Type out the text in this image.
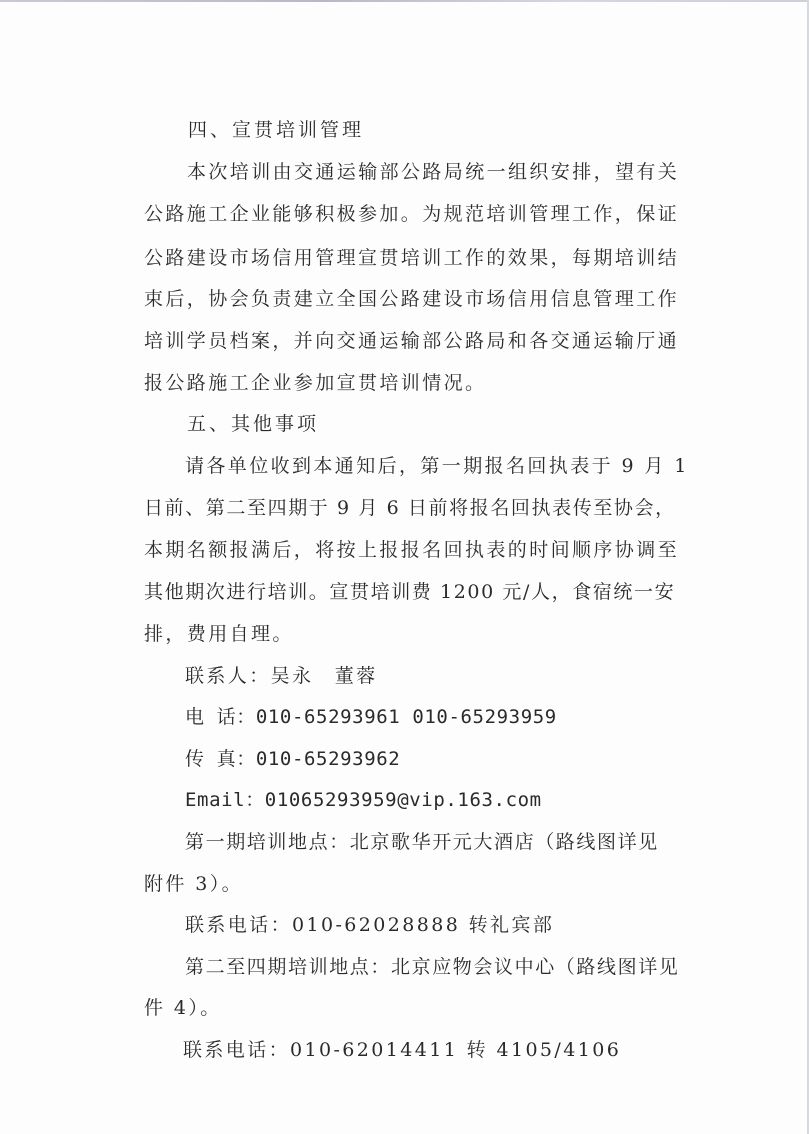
四、宣贯培训管理
本次培训由交通运输部公路局统一组织安排，望有关
公路施工企业能够积极参加。为规范培训管理工作，保证
公路建设市场信用管理宣贯培训工作的效果，每期培训结
束后，协会负责建立全国公路建设市场信用信息管理工作
培训学员档案，并向交通运输部公路局和各交通运输厅通
报公路施工企业参加宣贯培训情况。
五、其他事项
请各单位收到本通知后，第一期报名回执表于 9 月 1
日前、第二至四期于 9 月 6 日前将报名回执表传至协会，
本期名额报满后，将按上报报名回执表的时间顺序协调至
其他期次进行培训。宣贯培训费 1200 元/人，食宿统一安
排，费用自理。
联系人：吴永　董蓉
电 话：010-65293961 010-65293959
传 真：010-65293962
Email：01065293959@vip.163.com
第一期培训地点：北京歌华开元大酒店（路线图详见
附件 3）。
联系电话：010-62028888 转礼宾部
第二至四期培训地点：北京应物会议中心（路线图详见
件 4）。
联系电话：010-62014411 转 4105/4106
